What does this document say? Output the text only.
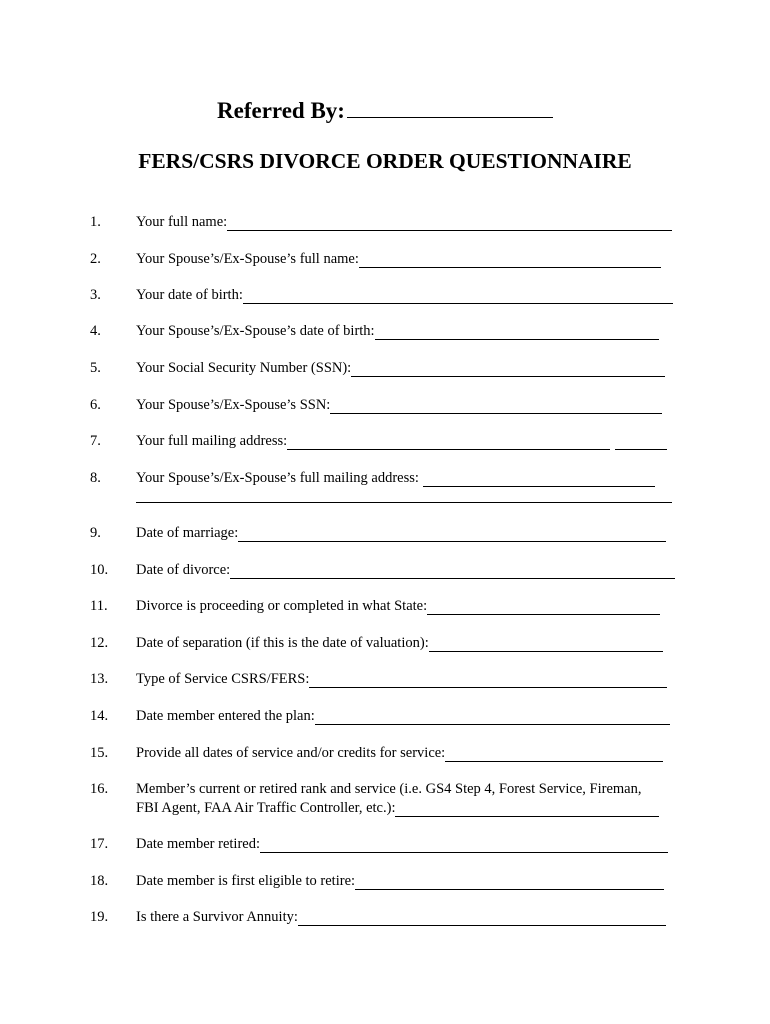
Referred By:
FERS/CSRS DIVORCE ORDER QUESTIONNAIRE
1.	Your full name:
2.	Your Spouse’s/Ex-Spouse’s full name:
3.	Your date of birth:
4.	Your Spouse’s/Ex-Spouse’s date of birth:
5.	Your Social Security Number (SSN):
6.	Your Spouse’s/Ex-Spouse’s SSN:
7.	Your full mailing address:
8.	Your Spouse’s/Ex-Spouse’s full mailing address:
9.	Date of marriage:
10.	Date of divorce:
11.	Divorce is proceeding or completed in what State:
12.	Date of separation (if this is the date of valuation):
13.	Type of Service CSRS/FERS:
14.	Date member entered the plan:
15.	Provide all dates of service and/or credits for service:
16.	Member’s current or retired rank and service (i.e. GS4 Step 4, Forest Service, Fireman,
FBI Agent, FAA Air Traffic Controller, etc.):
17.	Date member retired:
18.	Date member is first eligible to retire:
19.	Is there a Survivor Annuity:
